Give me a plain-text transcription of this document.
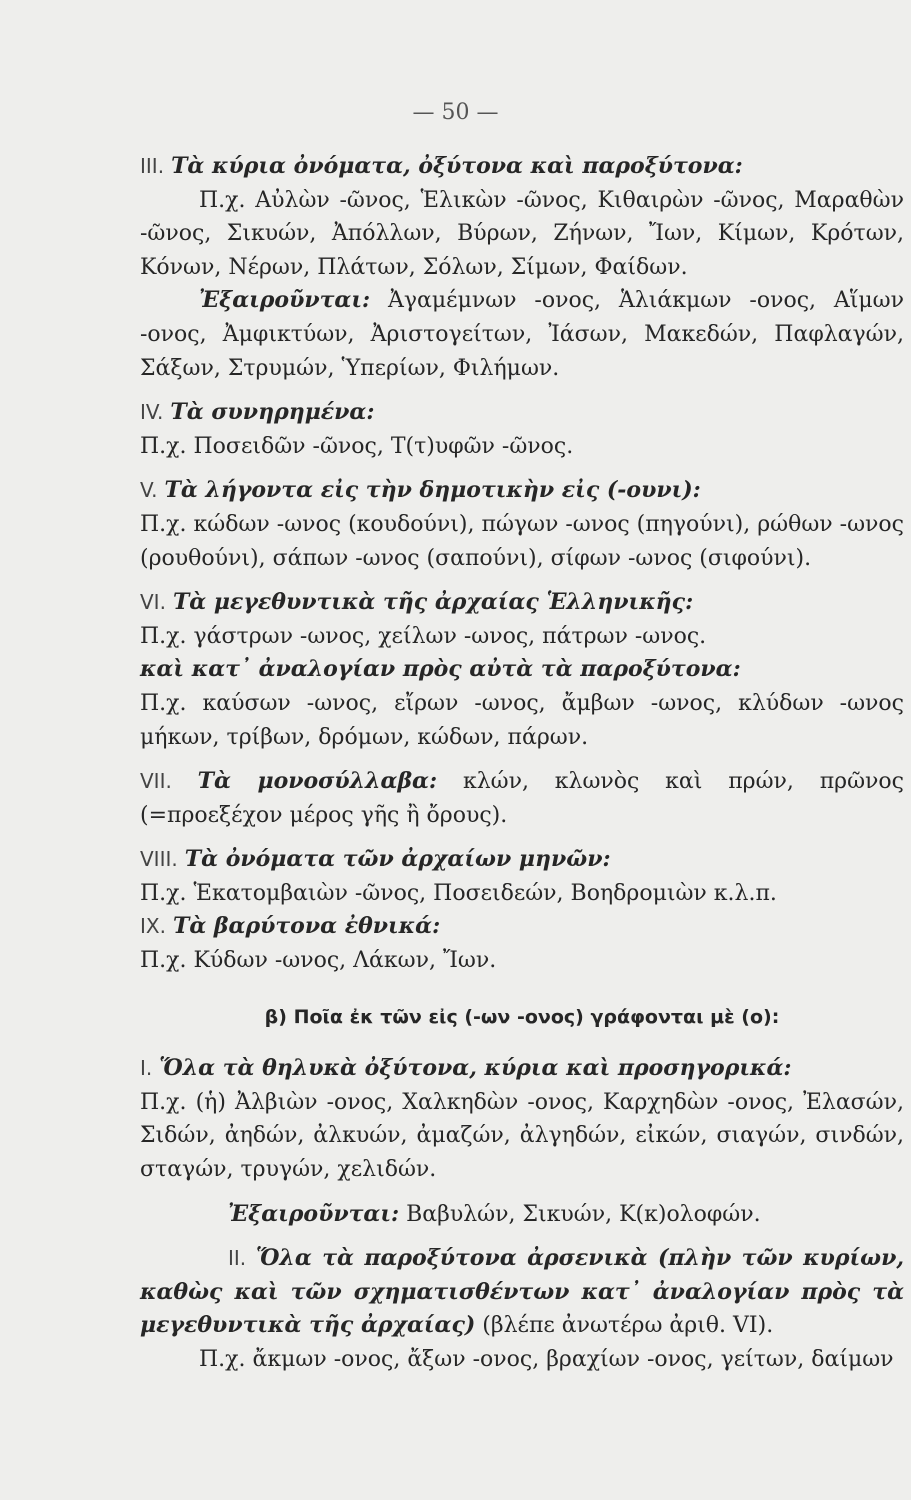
— 50 —

III. Τὰ κύρια ὀνόματα, ὀξύτονα καὶ παροξύτονα:

Π.χ. Αὐλὼν -ῶνος, Ἑλικὼν -ῶνος, Κιθαιρὼν -ῶνος, Μαραθὼν -ῶνος, Σικυών, Ἀπόλλων, Βύρων, Ζήνων, Ἴων, Κίμων, Κρότων, Κόνων, Νέρων, Πλάτων, Σόλων, Σίμων, Φαίδων.

Ἐξαιροῦνται: Ἀγαμέμνων -ονος, Ἁλιάκμων -ονος, Αἵμων -ονος, Ἀμφικτύων, Ἀριστογείτων, Ἰάσων, Μακεδών, Παφλαγών, Σάξων, Στρυμών, Ὑπερίων, Φιλήμων.

IV. Τὰ συνηρημένα:

Π.χ. Ποσειδῶν -ῶνος, Τ(τ)υφῶν -ῶνος.

V. Τὰ λήγοντα εἰς τὴν δημοτικὴν εἰς (-ουνι):

Π.χ. κώδων -ωνος (κουδούνι), πώγων -ωνος (πηγούνι), ρώθων -ωνος (ρουθούνι), σάπων -ωνος (σαπούνι), σίφων -ωνος (σιφούνι).

VI. Τὰ μεγεθυντικὰ τῆς ἀρχαίας Ἑλληνικῆς:

Π.χ. γάστρων -ωνος, χείλων -ωνος, πάτρων -ωνος.

καὶ κατ᾽ ἀναλογίαν πρὸς αὐτὰ τὰ παροξύτονα:

Π.χ. καύσων -ωνος, εἴρων -ωνος, ἄμβων -ωνος, κλύδων -ωνος μήκων, τρίβων, δρόμων, κώδων, πάρων.

VII. Τὰ μονοσύλλαβα: κλών, κλωνὸς καὶ πρών, πρῶνος (=προεξέχον μέρος γῆς ἢ ὄρους).

VIII. Τὰ ὀνόματα τῶν ἀρχαίων μηνῶν:

Π.χ. Ἑκατομβαιὼν -ῶνος, Ποσειδεών, Βοηδρομιὼν κ.λ.π.

IX. Τὰ βαρύτονα ἐθνικά:

Π.χ. Κύδων -ωνος, Λάκων, Ἴων.

β) Ποῖα ἐκ τῶν εἰς (-ων -ονος) γράφονται μὲ (ο):

I. Ὅλα τὰ θηλυκὰ ὀξύτονα, κύρια καὶ προσηγορικά:

Π.χ. (ἡ) Ἀλβιὼν -ονος, Χαλκηδὼν -ονος, Καρχηδὼν -ονος, Ἐλασών, Σιδών, ἀηδών, ἀλκυών, ἀμαζών, ἀλγηδών, εἰκών, σιαγών, σινδών, σταγών, τρυγών, χελιδών.

Ἐξαιροῦνται: Βαβυλών, Σικυών, Κ(κ)ολοφών.

II. Ὅλα τὰ παροξύτονα ἀρσενικὰ (πλὴν τῶν κυρίων, καθὼς καὶ τῶν σχηματισθέντων κατ᾽ ἀναλογίαν πρὸς τὰ μεγεθυντικὰ τῆς ἀρχαίας) (βλέπε ἀνωτέρω ἀριθ. VI).

Π.χ. ἄκμων -ονος, ἄξων -ονος, βραχίων -ονος, γείτων, δαίμων
